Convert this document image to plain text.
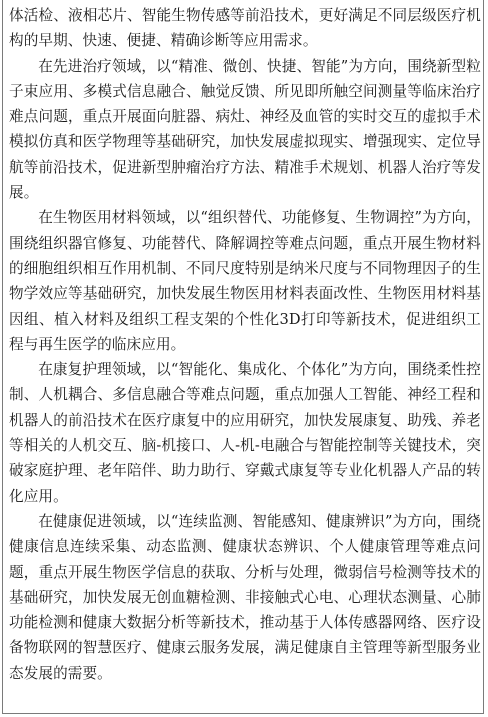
体活检、液相芯片、智能生物传感等前沿技术，更好满足不同层级医疗机构的早期、快速、便捷、精确诊断等应用需求。

在先进治疗领域，以“精准、微创、快捷、智能”为方向，围绕新型粒子束应用、多模式信息融合、触觉反馈、所见即所触空间测量等临床治疗难点问题，重点开展面向脏器、病灶、神经及血管的实时交互的虚拟手术模拟仿真和医学物理等基础研究，加快发展虚拟现实、增强现实、定位导航等前沿技术，促进新型肿瘤治疗方法、精准手术规划、机器人治疗等发展。

在生物医用材料领域，以“组织替代、功能修复、生物调控”为方向，围绕组织器官修复、功能替代、降解调控等难点问题，重点开展生物材料的细胞组织相互作用机制、不同尺度特别是纳米尺度与不同物理因子的生物学效应等基础研究，加快发展生物医用材料表面改性、生物医用材料基因组、植入材料及组织工程支架的个性化3D打印等新技术，促进组织工程与再生医学的临床应用。

在康复护理领域，以“智能化、集成化、个体化”为方向，围绕柔性控制、人机耦合、多信息融合等难点问题，重点加强人工智能、神经工程和机器人的前沿技术在医疗康复中的应用研究，加快发展康复、助残、养老等相关的人机交互、脑-机接口、人-机-电融合与智能控制等关键技术，突破家庭护理、老年陪伴、助力助行、穿戴式康复等专业化机器人产品的转化应用。

在健康促进领域，以“连续监测、智能感知、健康辨识”为方向，围绕健康信息连续采集、动态监测、健康状态辨识、个人健康管理等难点问题，重点开展生物医学信息的获取、分析与处理，微弱信号检测等技术的基础研究，加快发展无创血糖检测、非接触式心电、心理状态测量、心肺功能检测和健康大数据分析等新技术，推动基于人体传感器网络、医疗设备物联网的智慧医疗、健康云服务发展，满足健康自主管理等新型服务业态发展的需要。
